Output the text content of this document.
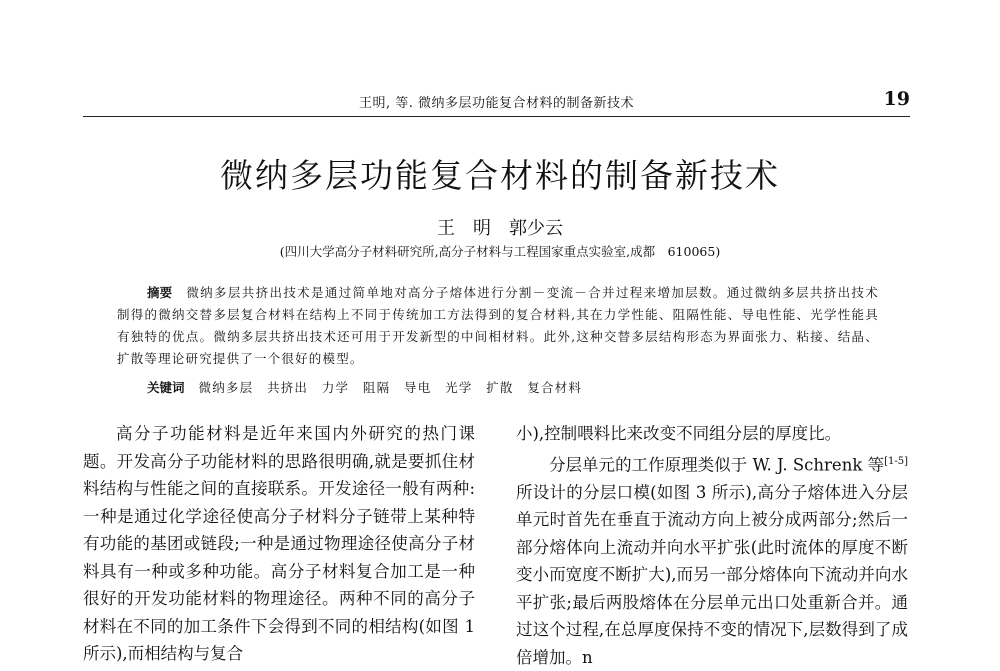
王明, 等. 微纳多层功能复合材料的制备新技术	19
微纳多层功能复合材料的制备新技术
王　明　郭少云
(四川大学高分子材料研究所,高分子材料与工程国家重点实验室,成都　610065)
摘要 微纳多层共挤出技术是通过简单地对高分子熔体进行分割－变流－合并过程来增加层数。通过微纳多层共挤出技术制得的微纳交替多层复合材料在结构上不同于传统加工方法得到的复合材料,其在力学性能、阻隔性能、导电性能、光学性能具有独特的优点。微纳多层共挤出技术还可用于开发新型的中间相材料。此外,这种交替多层结构形态为界面张力、粘接、结晶、扩散等理论研究提供了一个很好的模型。
关键词 微纳多层　共挤出　力学　阻隔　导电　光学　扩散　复合材料

高分子功能材料是近年来国内外研究的热门课题。开发高分子功能材料的思路很明确,就是要抓住材料结构与性能之间的直接联系。开发途径一般有两种:一种是通过化学途径使高分子材料分子链带上某种特有功能的基团或链段;一种是通过物理途径使高分子材料具有一种或多种功能。高分子材料复合加工是一种很好的开发功能材料的物理途径。两种不同的高分子材料在不同的加工条件下会得到不同的相结构(如图 1 所示),而相结构与复合

小),控制喂料比来改变不同组分层的厚度比。

分层单元的工作原理类似于 W. J. Schrenk 等[1-5]所设计的分层口模(如图 3 所示),高分子熔体进入分层单元时首先在垂直于流动方向上被分成两部分;然后一部分熔体向上流动并向水平扩张(此时流体的厚度不断变小而宽度不断扩大),而另一部分熔体向下流动并向水平扩张;最后两股熔体在分层单元出口处重新合并。通过这个过程,在总厚度保持不变的情况下,层数得到了成倍增加。n
